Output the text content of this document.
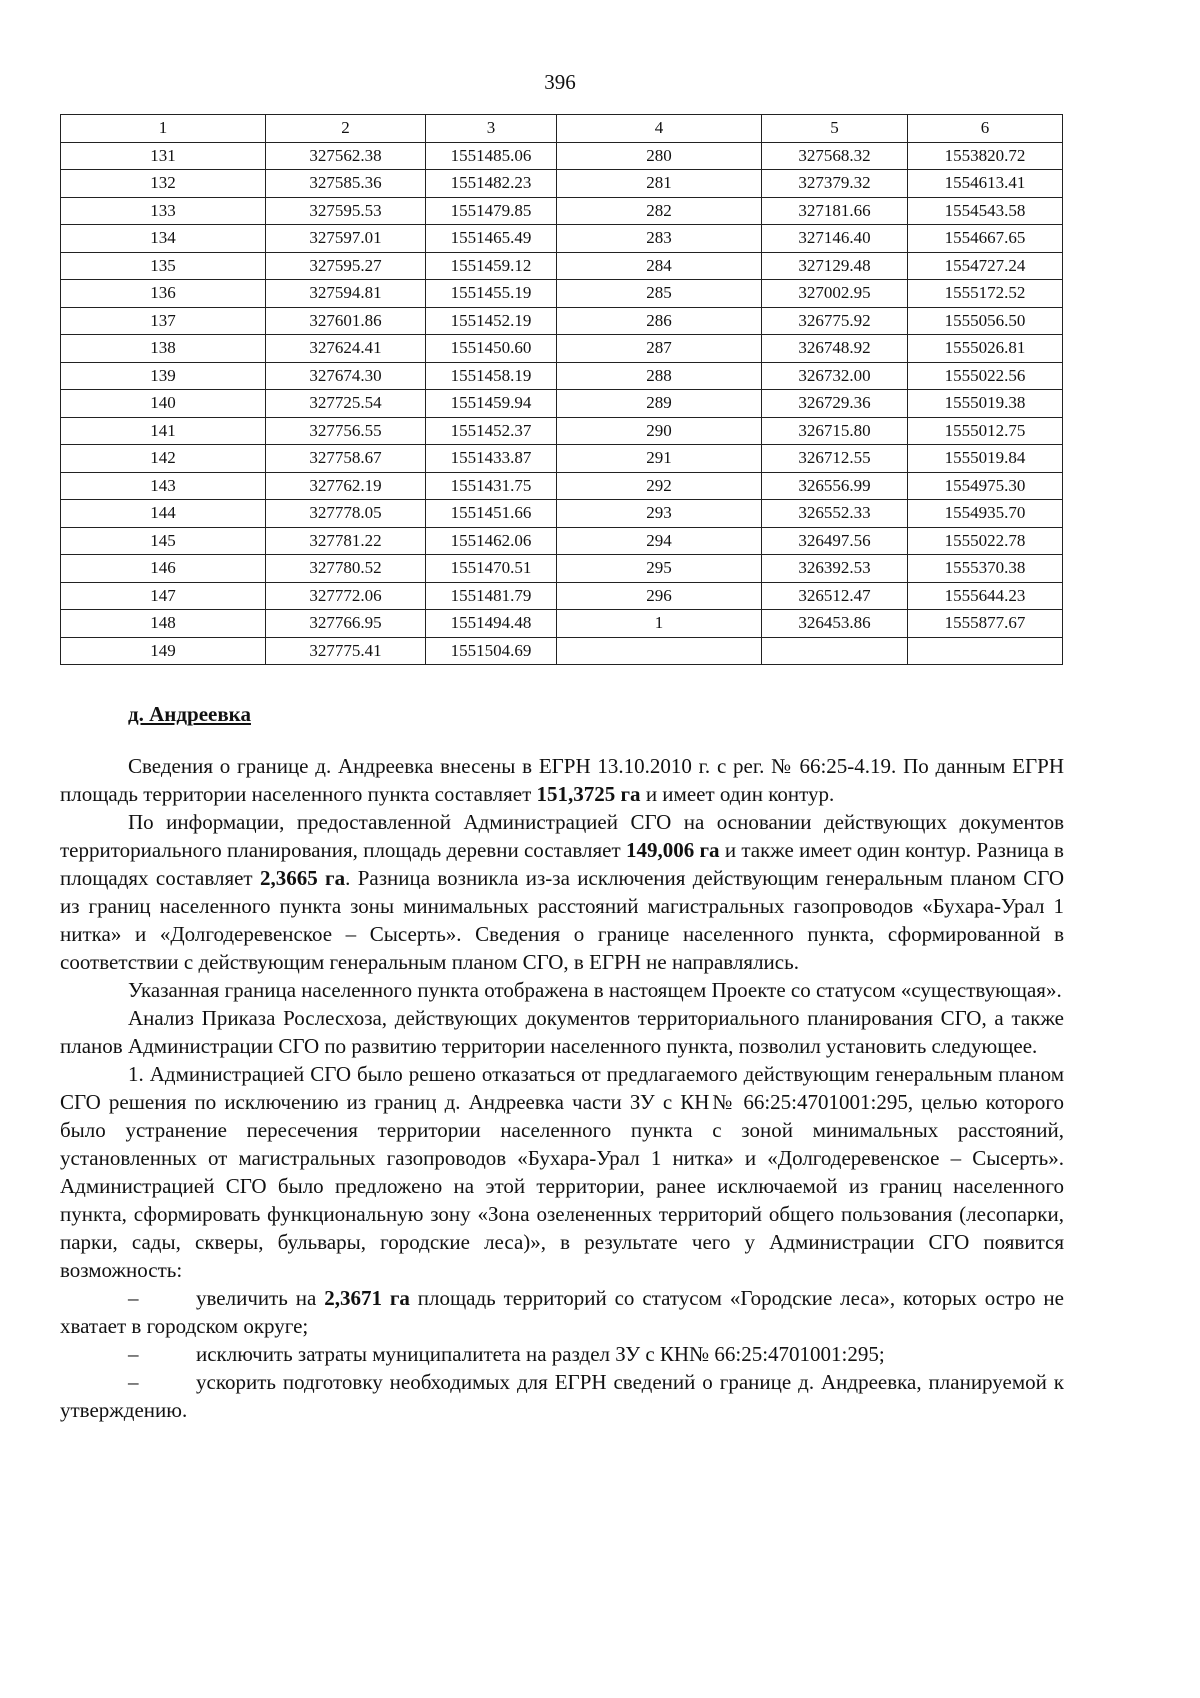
396
1	2	3	4	5	6
131	327562.38	1551485.06	280	327568.32	1553820.72
132	327585.36	1551482.23	281	327379.32	1554613.41
133	327595.53	1551479.85	282	327181.66	1554543.58
134	327597.01	1551465.49	283	327146.40	1554667.65
135	327595.27	1551459.12	284	327129.48	1554727.24
136	327594.81	1551455.19	285	327002.95	1555172.52
137	327601.86	1551452.19	286	326775.92	1555056.50
138	327624.41	1551450.60	287	326748.92	1555026.81
139	327674.30	1551458.19	288	326732.00	1555022.56
140	327725.54	1551459.94	289	326729.36	1555019.38
141	327756.55	1551452.37	290	326715.80	1555012.75
142	327758.67	1551433.87	291	326712.55	1555019.84
143	327762.19	1551431.75	292	326556.99	1554975.30
144	327778.05	1551451.66	293	326552.33	1554935.70
145	327781.22	1551462.06	294	326497.56	1555022.78
146	327780.52	1551470.51	295	326392.53	1555370.38
147	327772.06	1551481.79	296	326512.47	1555644.23
148	327766.95	1551494.48	1	326453.86	1555877.67
149	327775.41	1551504.69			
д. Андреевка

Сведения о границе д. Андреевка внесены в ЕГРН 13.10.2010 г. с рег. № 66:25-4.19. По данным ЕГРН площадь территории населенного пункта составляет 151,3725 га и имеет один контур.

По информации, предоставленной Администрацией СГО на основании действующих документов территориального планирования, площадь деревни составляет 149,006 га и также имеет один контур. Разница в площадях составляет 2,3665 га. Разница возникла из-за исключения действующим генеральным планом СГО из границ населенного пункта зоны минимальных расстояний магистральных газопроводов «Бухара-Урал 1 нитка» и «Долгодеревенское – Сысерть». Сведения о границе населенного пункта, сформированной в соответствии с действующим генеральным планом СГО, в ЕГРН не направлялись.

Указанная граница населенного пункта отображена в настоящем Проекте со статусом «существующая».

Анализ Приказа Рослесхоза, действующих документов территориального планирования СГО, а также планов Администрации СГО по развитию территории населенного пункта, позволил установить следующее.

1. Администрацией СГО было решено отказаться от предлагаемого действующим генеральным планом СГО решения по исключению из границ д. Андреевка части ЗУ с КН№ 66:25:4701001:295, целью которого было устранение пересечения территории населенного пункта с зоной минимальных расстояний, установленных от магистральных газопроводов «Бухара-Урал 1 нитка» и «Долгодеревенское – Сысерть». Администрацией СГО было предложено на этой территории, ранее исключаемой из границ населенного пункта, сформировать функциональную зону «Зона озелененных территорий общего пользования (лесопарки, парки, сады, скверы, бульвары, городские леса)», в результате чего у Администрации СГО появится возможность:

–	увеличить на 2,3671 га площадь территорий со статусом «Городские леса», которых остро не хватает в городском округе;

–	исключить затраты муниципалитета на раздел ЗУ с КН№ 66:25:4701001:295;

–	ускорить подготовку необходимых для ЕГРН сведений о границе д. Андреевка, планируемой к утверждению.
